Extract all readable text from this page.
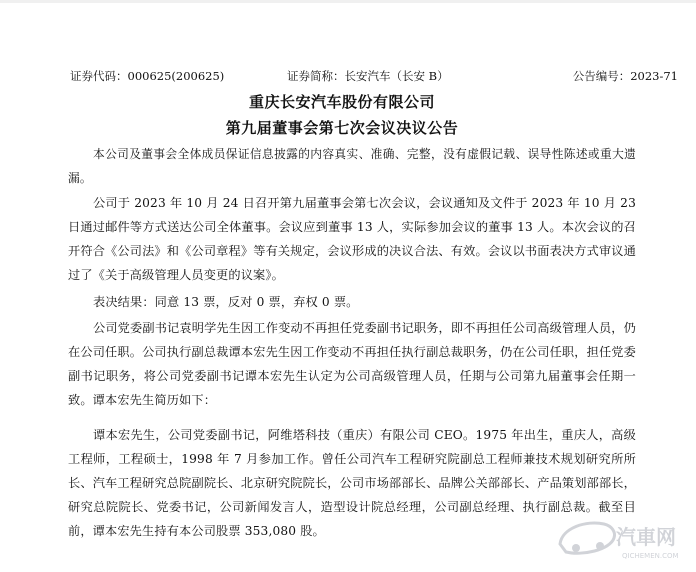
证券代码：000625(200625)	证券简称：长安汽车（长安 B）	公告编号：2023-71
重庆长安汽车股份有限公司
第九届董事会第七次会议决议公告

本公司及董事会全体成员保证信息披露的内容真实、准确、完整，没有虚假记载、误导性陈述或重大遗漏。

公司于 2023 年 10 月 24 日召开第九届董事会第七次会议，会议通知及文件于 2023 年 10 月 23 日通过邮件等方式送达公司全体董事。会议应到董事 13 人，实际参加会议的董事 13 人。本次会议的召开符合《公司法》和《公司章程》等有关规定，会议形成的决议合法、有效。会议以书面表决方式审议通过了《关于高级管理人员变更的议案》。

表决结果：同意 13 票，反对 0 票，弃权 0 票。

公司党委副书记袁明学先生因工作变动不再担任党委副书记职务，即不再担任公司高级管理人员，仍在公司任职。公司执行副总裁谭本宏先生因工作变动不再担任执行副总裁职务，仍在公司任职，担任党委副书记职务，将公司党委副书记谭本宏先生认定为公司高级管理人员，任期与公司第九届董事会任期一致。谭本宏先生简历如下：

谭本宏先生，公司党委副书记，阿维塔科技（重庆）有限公司 CEO。1975 年出生，重庆人，高级工程师，工程硕士，1998 年 7 月参加工作。曾任公司汽车工程研究院副总工程师兼技术规划研究所所长、汽车工程研究总院副院长、北京研究院院长，公司市场部部长、品牌公关部部长、产品策划部部长，研究总院院长、党委书记，公司新闻发言人，造型设计院总经理，公司副总经理、执行副总裁。截至目前，谭本宏先生持有本公司股票 353,080 股。	汽車网
QICHEMEN.COM
